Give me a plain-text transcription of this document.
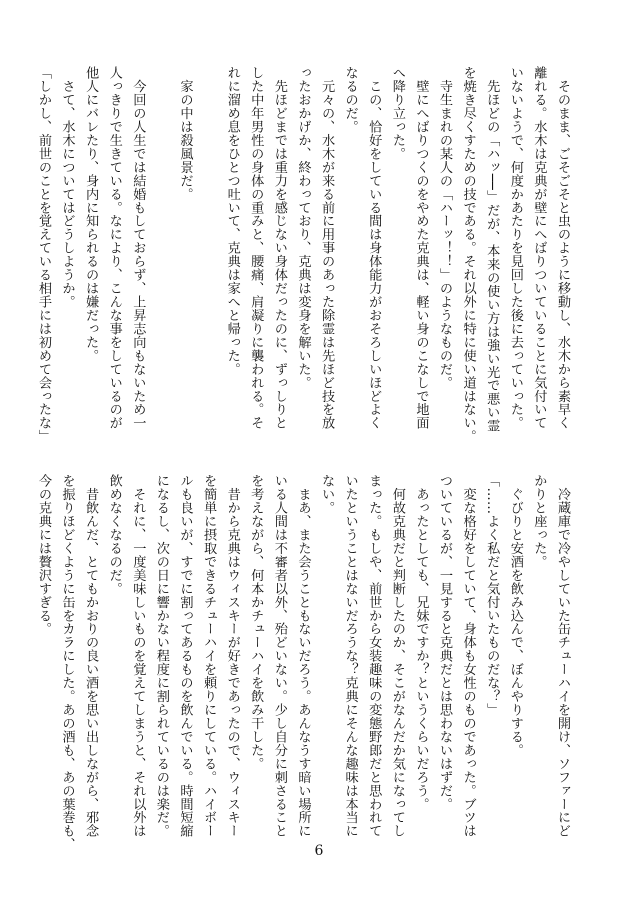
　そのまま、ごそごそと虫のように移動し、水木から素早く
離れる。水木は克典が壁にへばりついていることに気付いて
いないようで、何度かあたりを見回した後に去っていった。
　先ほどの「ハッ──」だが、本来の使い方は強い光で悪い霊
を焼き尽くすための技である。それ以外に特に使い道はない。
　寺生まれの某人の「ハーッ！！」のようなものだ。
　壁にへばりつくのをやめた克典は、軽い身のこなしで地面
へ降り立った。
　この、恰好をしている間は身体能力がおそろしいほどよく
なるのだ。
　元々の、水木が来る前に用事のあった除霊は先ほど技を放
ったおかげか、終わっており、克典は変身を解いた。
　先ほどまでは重力を感じない身体だったのに、ずっしりと
した中年男性の身体の重みと、腰痛、肩凝りに襲われる。そ
れに溜め息をひとつ吐いて、克典は家へと帰った。

　家の中は殺風景だ。

　今回の人生では結婚もしておらず、上昇志向もないため一
人っきりで生きている。なにより、こんな事をしているのが
他人にバレたり、身内に知られるのは嫌だった。
　さて、水木についてはどうしようか。
「しかし、前世のことを覚えている相手には初めて会ったな」
　冷蔵庫で冷やしていた缶チューハイを開け、ソファーにど
かりと座った。
　ぐびりと安酒を飲み込んで、ぼんやりする。
「……よく私だと気付いたものだな？」
　変な格好をしていて、身体も女性のものであった。ブツは
ついているが、一見すると克典だとは思わないはずだ。
　あったとしても、兄妹ですか？というくらいだろう。
　何故克典だと判断したのか、そこがなんだか気になってし
まった。もしや、前世から女装趣味の変態野郎だと思われて
いたということはないだろうな？克典にそんな趣味は本当に
ない。
　まあ、また会うこともないだろう。あんなうす暗い場所に
いる人間は不審者以外、殆どいない。少し自分に刺さること
を考えながら、何本かチューハイを飲み干した。
　昔から克典はウィスキーが好きであったので、ウィスキー
を簡単に摂取できるチューハイを頼りにしている。ハイボー
ルも良いが、すでに割ってあるものを飲んでいる。時間短縮
になるし、次の日に響かない程度に割られているのは楽だ。
　それに、一度美味しいものを覚えてしまうと、それ以外は
飲めなくなるのだ。
　昔飲んだ、とてもかおりの良い酒を思い出しながら、邪念
を振りほどくように缶をカラにした。あの酒も、あの葉巻も、
今の克典には贅沢すぎる。
6
